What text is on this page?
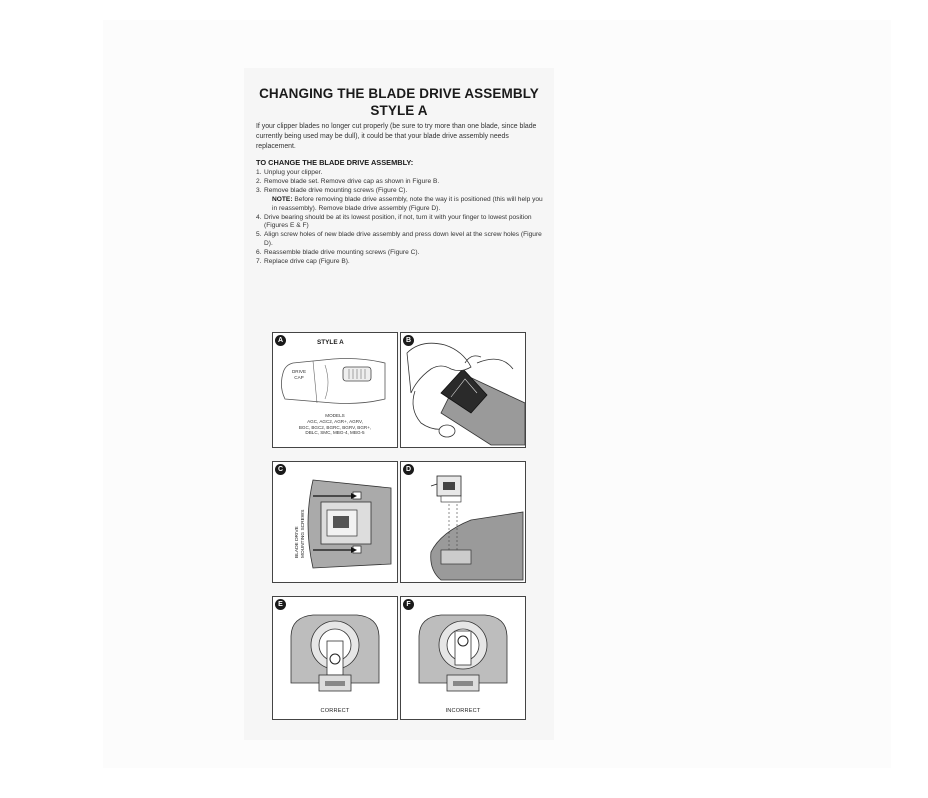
CHANGING THE BLADE DRIVE ASSEMBLY
STYLE A
If your clipper blades no longer cut properly (be sure to try more than one blade, since blade currently being used may be dull), it could be that your blade drive assembly needs replacement.
TO CHANGE THE BLADE DRIVE ASSEMBLY:
1. Unplug your clipper.
2. Remove blade set. Remove drive cap as shown in Figure B.
3. Remove blade drive mounting screws (Figure C).
NOTE: Before removing blade drive assembly, note the way it is positioned (this will help you in reassembly). Remove blade drive assembly (Figure D).
4. Drive bearing should be at its lowest position, if not, turn it with your finger to lowest position (Figures E & F)
5. Align screw holes of new blade drive assembly and press down level at the screw holes (Figure D).
6. Reassemble blade drive mounting screws (Figure C).
7. Replace drive cap (Figure B).
A	STYLE A
DRIVE
CAP
MODELS
AGC, AGC2, AGR+, AGRV,
BGC, BGC2, BGRC, BGRV, BGR+,
DBLC, SMC, MBG-4, MBG-5
B
C
BLADE DRIVE MOUNTING SCREWS
D
E
CORRECT
F
INCORRECT
